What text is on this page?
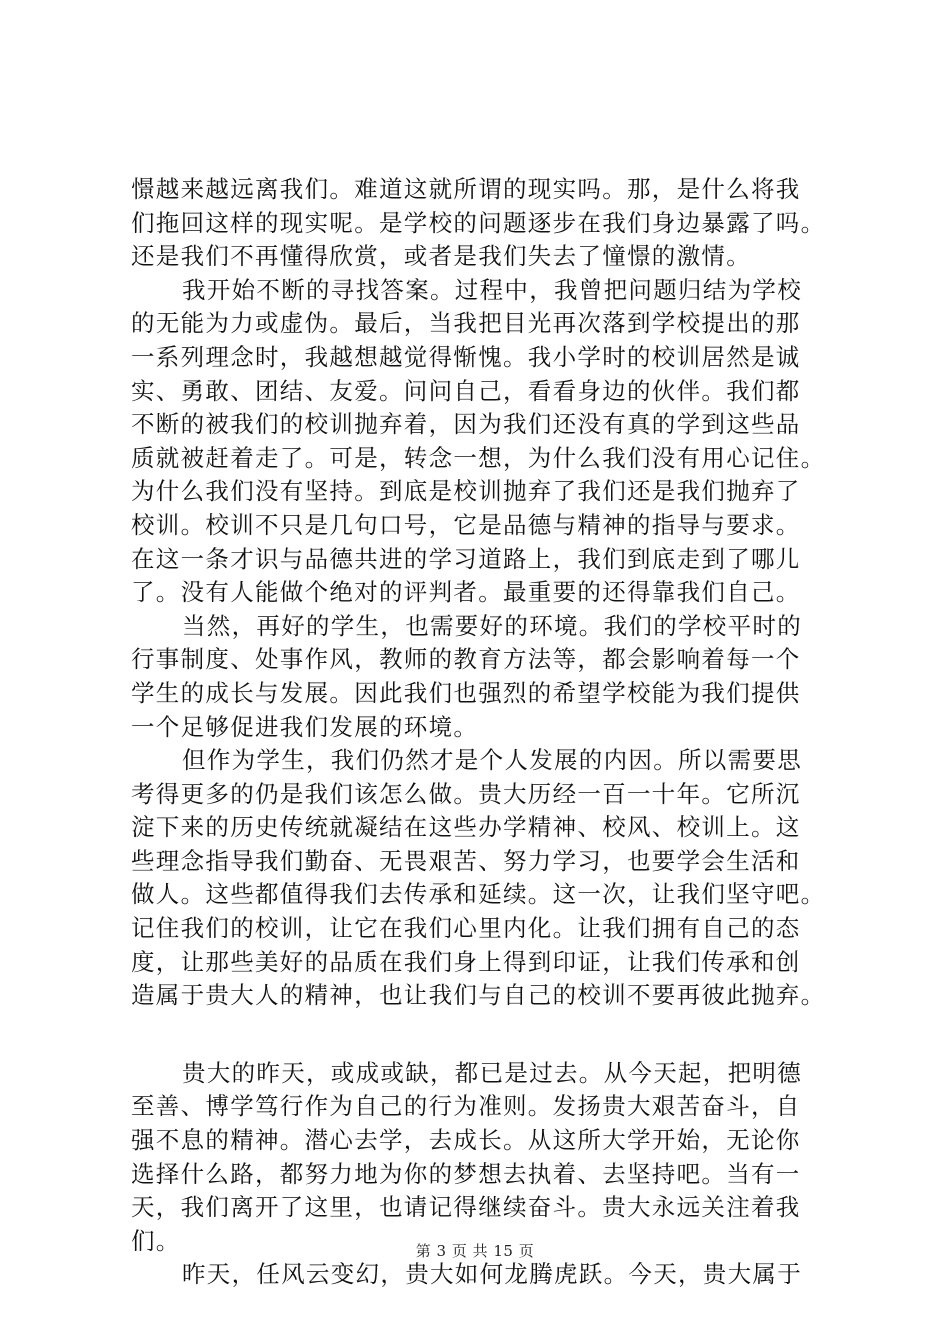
憬越来越远离我们。难道这就所谓的现实吗。那，是什么将我
们拖回这样的现实呢。是学校的问题逐步在我们身边暴露了吗。
还是我们不再懂得欣赏，或者是我们失去了憧憬的激情。
我开始不断的寻找答案。过程中，我曾把问题归结为学校
的无能为力或虚伪。最后，当我把目光再次落到学校提出的那
一系列理念时，我越想越觉得惭愧。我小学时的校训居然是诚
实、勇敢、团结、友爱。问问自己，看看身边的伙伴。我们都
不断的被我们的校训抛弃着，因为我们还没有真的学到这些品
质就被赶着走了。可是，转念一想，为什么我们没有用心记住。
为什么我们没有坚持。到底是校训抛弃了我们还是我们抛弃了
校训。校训不只是几句口号，它是品德与精神的指导与要求。
在这一条才识与品德共进的学习道路上，我们到底走到了哪儿
了。没有人能做个绝对的评判者。最重要的还得靠我们自己。
当然，再好的学生，也需要好的环境。我们的学校平时的
行事制度、处事作风，教师的教育方法等，都会影响着每一个
学生的成长与发展。因此我们也强烈的希望学校能为我们提供
一个足够促进我们发展的环境。
但作为学生，我们仍然才是个人发展的内因。所以需要思
考得更多的仍是我们该怎么做。贵大历经一百一十年。它所沉
淀下来的历史传统就凝结在这些办学精神、校风、校训上。这
些理念指导我们勤奋、无畏艰苦、努力学习，也要学会生活和
做人。这些都值得我们去传承和延续。这一次，让我们坚守吧。
记住我们的校训，让它在我们心里内化。让我们拥有自己的态
度，让那些美好的品质在我们身上得到印证，让我们传承和创
造属于贵大人的精神，也让我们与自己的校训不要再彼此抛弃。
贵大的昨天，或成或缺，都已是过去。从今天起，把明德
至善、博学笃行作为自己的行为准则。发扬贵大艰苦奋斗，自
强不息的精神。潜心去学，去成长。从这所大学开始，无论你
选择什么路，都努力地为你的梦想去执着、去坚持吧。当有一
天，我们离开了这里，也请记得继续奋斗。贵大永远关注着我
们。
昨天，任风云变幻，贵大如何龙腾虎跃。今天，贵大属于
第 3 页 共 15 页
